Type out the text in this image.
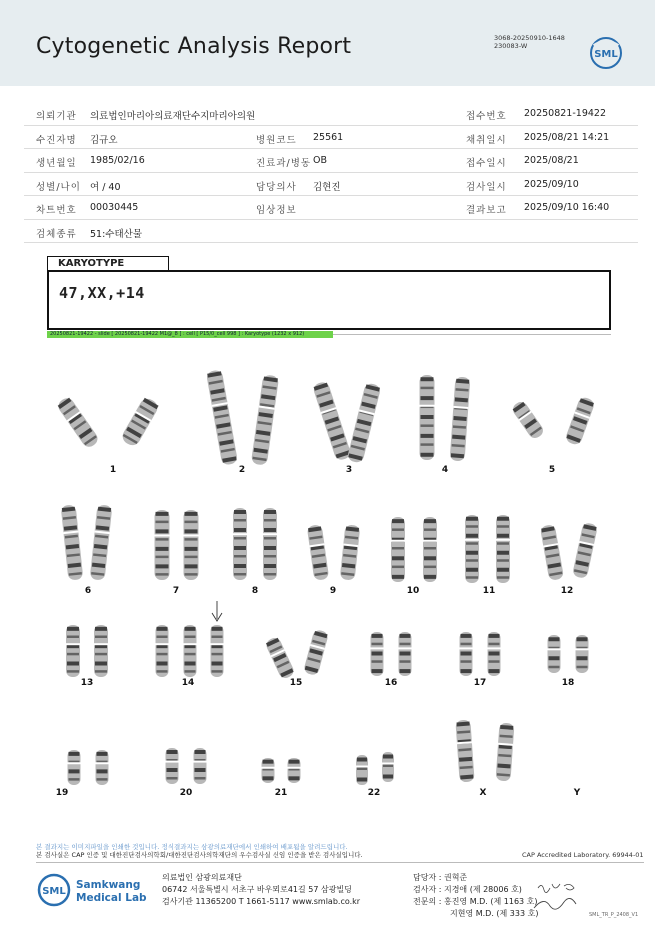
Cytogenetic Analysis Report	3068-20250910-1648
230083-W
SML
의뢰기관 의료법인마리아의료재단수지마리아의원	접수번호 20250821-19422
수진자명 김규오	병원코드 25561	채취일시 2025/08/21 14:21
생년월일 1985/02/16	진료과/병동 OB	접수일시 2025/08/21
성별/나이 여 / 40	담당의사 김현진	검사일시 2025/09/10
차트번호 00030445	임상정보	결과보고 2025/09/10 16:40
검체종류 51:수태산물
KARYOTYPE
47,XX,+14
20250821-19422 - slide [ 20250821-19422 M1@_8 ] : cell [ P15/0_cell 998 ] : Karyotype (1232 x 912)
1	2	3	4	5
6	7	8	9	10	11	12
13	14	15	16	17	18
19	20	21	22	X	Y
본 결과지는 이미지파일을 인쇄한 것입니다. 정식결과지는 삼광의료재단에서 인쇄하여 배포됨을 알려드립니다.
본 검사실은 CAP 인증 및 대한진단검사의학회/대한진단검사의학재단의 우수검사실 신임 인증을 받은 검사실입니다.	CAP Accredited Laboratory. 69944-01
SML
Samkwang
Medical Lab
의료법인 삼광의료재단
06742 서울특별시 서초구 바우뫼로41길 57 삼광빌딩
검사기관 11365200 T 1661-5117 www.smlab.co.kr
담당자 : 권혁준
검사자 : 지경애 (제 28006 호)
전문의 : 홍진영 M.D. (제 1163 호)
지현영 M.D. (제 333 호)	SML_TR_P_2408_V1
